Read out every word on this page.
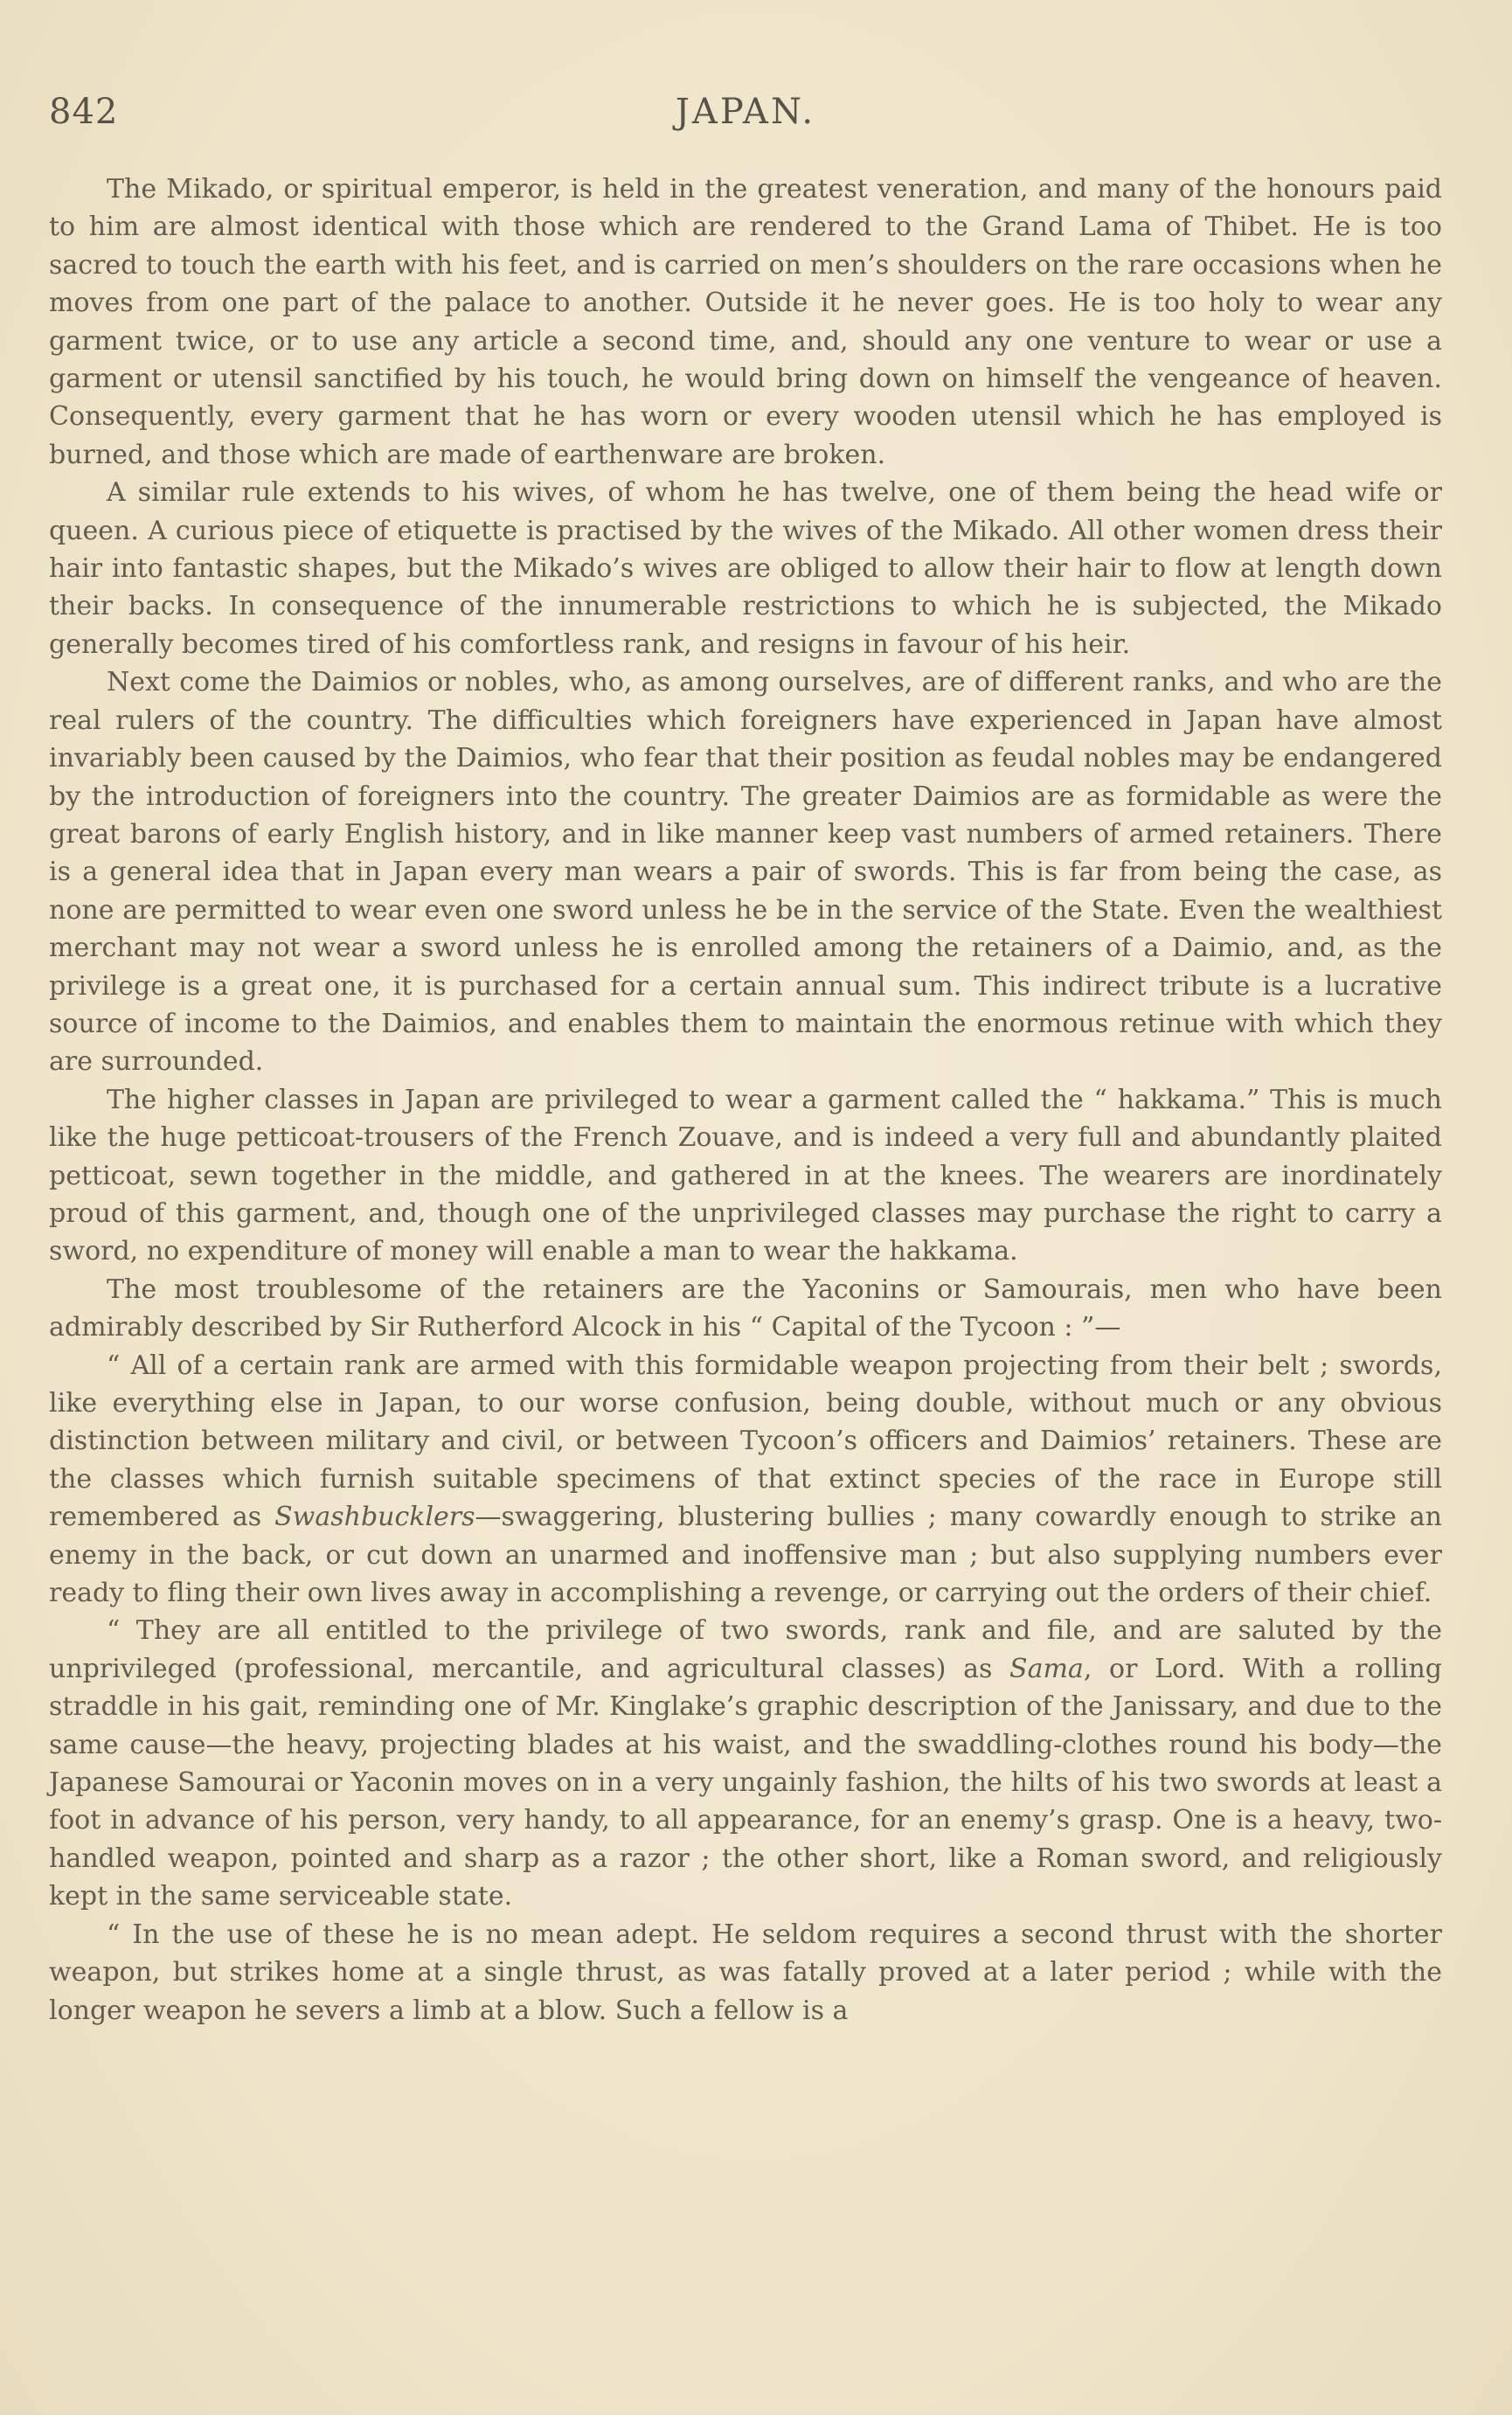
842	JAPAN.

The Mikado, or spiritual emperor, is held in the greatest veneration, and many of the honours paid to him are almost identical with those which are rendered to the Grand Lama of Thibet. He is too sacred to touch the earth with his feet, and is carried on men’s shoulders on the rare occasions when he moves from one part of the palace to another. Outside it he never goes. He is too holy to wear any garment twice, or to use any article a second time, and, should any one venture to wear or use a garment or utensil sanctified by his touch, he would bring down on himself the vengeance of heaven. Consequently, every garment that he has worn or every wooden utensil which he has employed is burned, and those which are made of earthenware are broken.

A similar rule extends to his wives, of whom he has twelve, one of them being the head wife or queen. A curious piece of etiquette is practised by the wives of the Mikado. All other women dress their hair into fantastic shapes, but the Mikado’s wives are obliged to allow their hair to flow at length down their backs. In consequence of the innumerable restrictions to which he is subjected, the Mikado generally becomes tired of his comfortless rank, and resigns in favour of his heir.

Next come the Daimios or nobles, who, as among ourselves, are of different ranks, and who are the real rulers of the country. The difficulties which foreigners have experienced in Japan have almost invariably been caused by the Daimios, who fear that their position as feudal nobles may be endangered by the introduction of foreigners into the country. The greater Daimios are as formidable as were the great barons of early English history, and in like manner keep vast numbers of armed retainers. There is a general idea that in Japan every man wears a pair of swords. This is far from being the case, as none are permitted to wear even one sword unless he be in the service of the State. Even the wealthiest merchant may not wear a sword unless he is enrolled among the retainers of a Daimio, and, as the privilege is a great one, it is purchased for a certain annual sum. This indirect tribute is a lucrative source of income to the Daimios, and enables them to maintain the enormous retinue with which they are surrounded.

The higher classes in Japan are privileged to wear a garment called the “ hakkama.” This is much like the huge petticoat-trousers of the French Zouave, and is indeed a very full and abundantly plaited petticoat, sewn together in the middle, and gathered in at the knees. The wearers are inordinately proud of this garment, and, though one of the unprivileged classes may purchase the right to carry a sword, no expenditure of money will enable a man to wear the hakkama.

The most troublesome of the retainers are the Yaconins or Samourais, men who have been admirably described by Sir Rutherford Alcock in his “ Capital of the Tycoon : ”—

“ All of a certain rank are armed with this formidable weapon projecting from their belt ; swords, like everything else in Japan, to our worse confusion, being double, without much or any obvious distinction between military and civil, or between Tycoon’s officers and Daimios’ retainers. These are the classes which furnish suitable specimens of that extinct species of the race in Europe still remembered as Swashbucklers—swaggering, blustering bullies ; many cowardly enough to strike an enemy in the back, or cut down an unarmed and inoffensive man ; but also supplying numbers ever ready to fling their own lives away in accomplishing a revenge, or carrying out the orders of their chief.

“ They are all entitled to the privilege of two swords, rank and file, and are saluted by the unprivileged (professional, mercantile, and agricultural classes) as Sama, or Lord. With a rolling straddle in his gait, reminding one of Mr. Kinglake’s graphic description of the Janissary, and due to the same cause—the heavy, projecting blades at his waist, and the swaddling-clothes round his body—the Japanese Samourai or Yaconin moves on in a very ungainly fashion, the hilts of his two swords at least a foot in advance of his person, very handy, to all appearance, for an enemy’s grasp. One is a heavy, two-handled weapon, pointed and sharp as a razor ; the other short, like a Roman sword, and religiously kept in the same serviceable state.

“ In the use of these he is no mean adept. He seldom requires a second thrust with the shorter weapon, but strikes home at a single thrust, as was fatally proved at a later period ; while with the longer weapon he severs a limb at a blow. Such a fellow is a
